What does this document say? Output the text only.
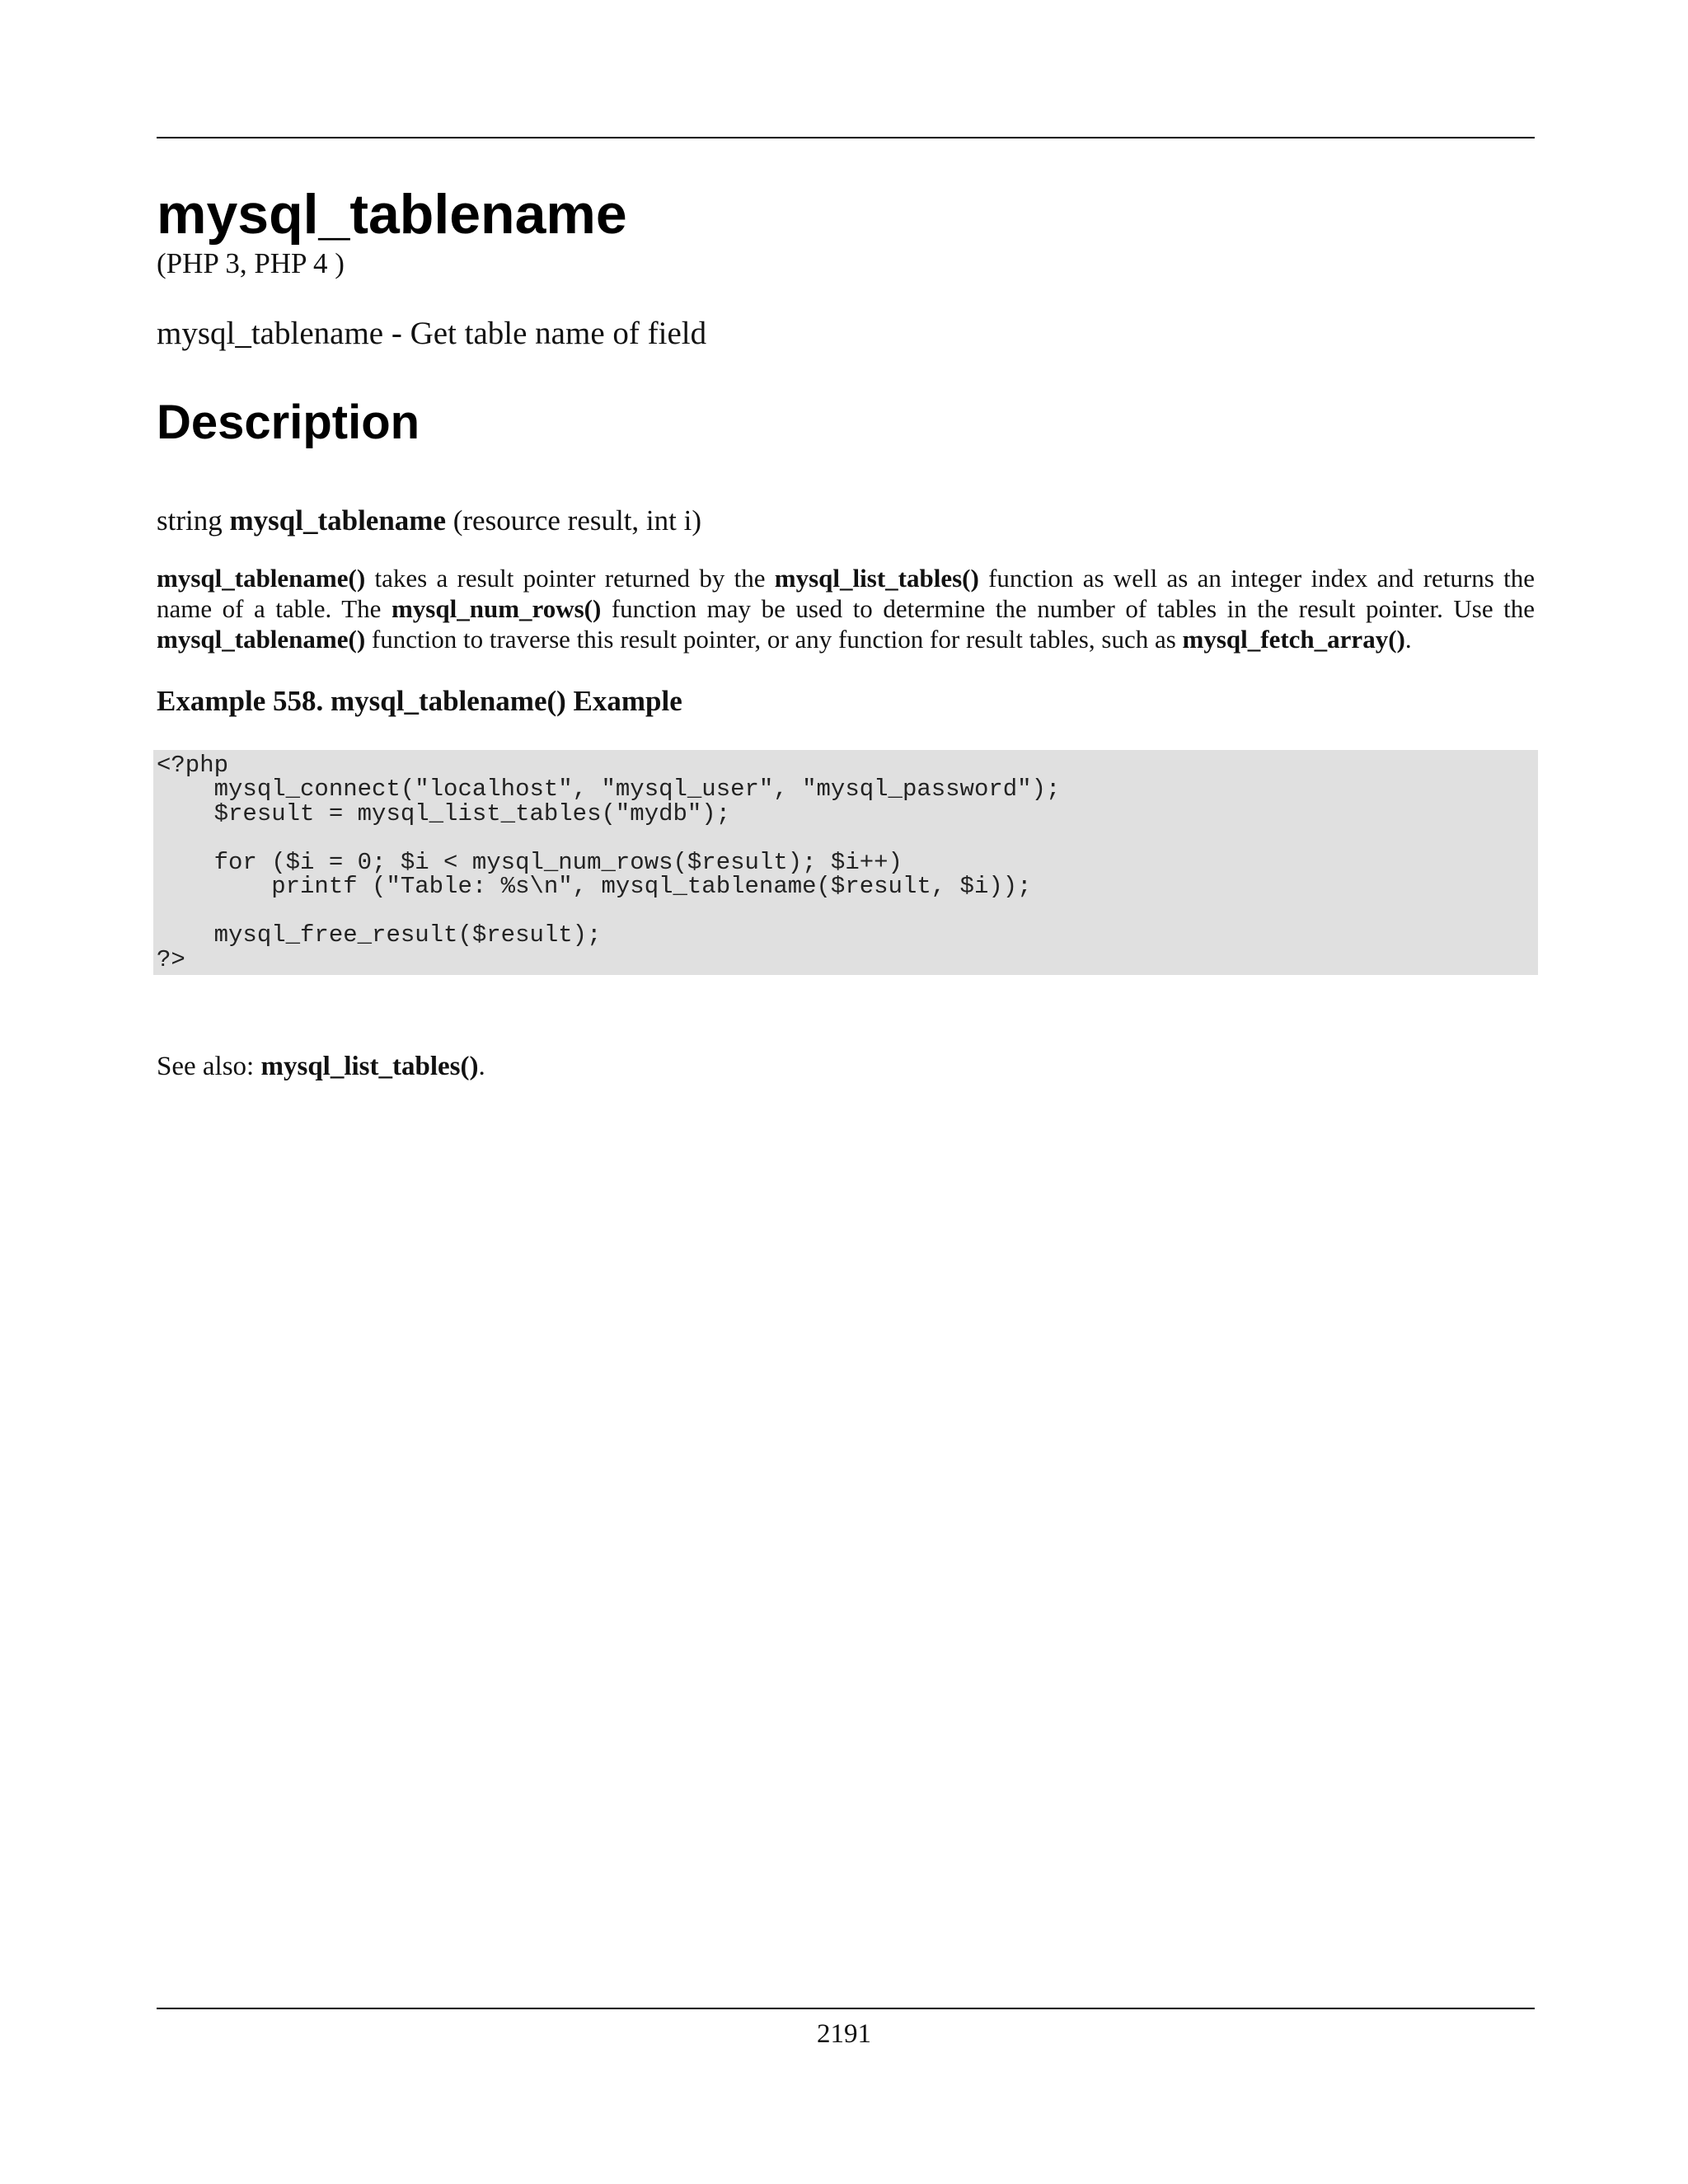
mysql_tablename
(PHP 3, PHP 4 )
mysql_tablename - Get table name of field
Description
string mysql_tablename (resource result, int i)
mysql_tablename() takes a result pointer returned by the mysql_list_tables() function as well as an integer index and returns the name of a table. The mysql_num_rows() function may be used to determine the number of tables in the result pointer. Use the mysql_tablename() function to traverse this result pointer, or any function for result tables, such as mysql_fetch_array().
Example 558. mysql_tablename() Example
<?php
mysql_connect("localhost", "mysql_user", "mysql_password");
$result = mysql_list_tables("mydb");

for ($i = 0; $i < mysql_num_rows($result); $i++)
printf ("Table: %s\n", mysql_tablename($result, $i));

mysql_free_result($result);
?>
See also: mysql_list_tables().
2191
